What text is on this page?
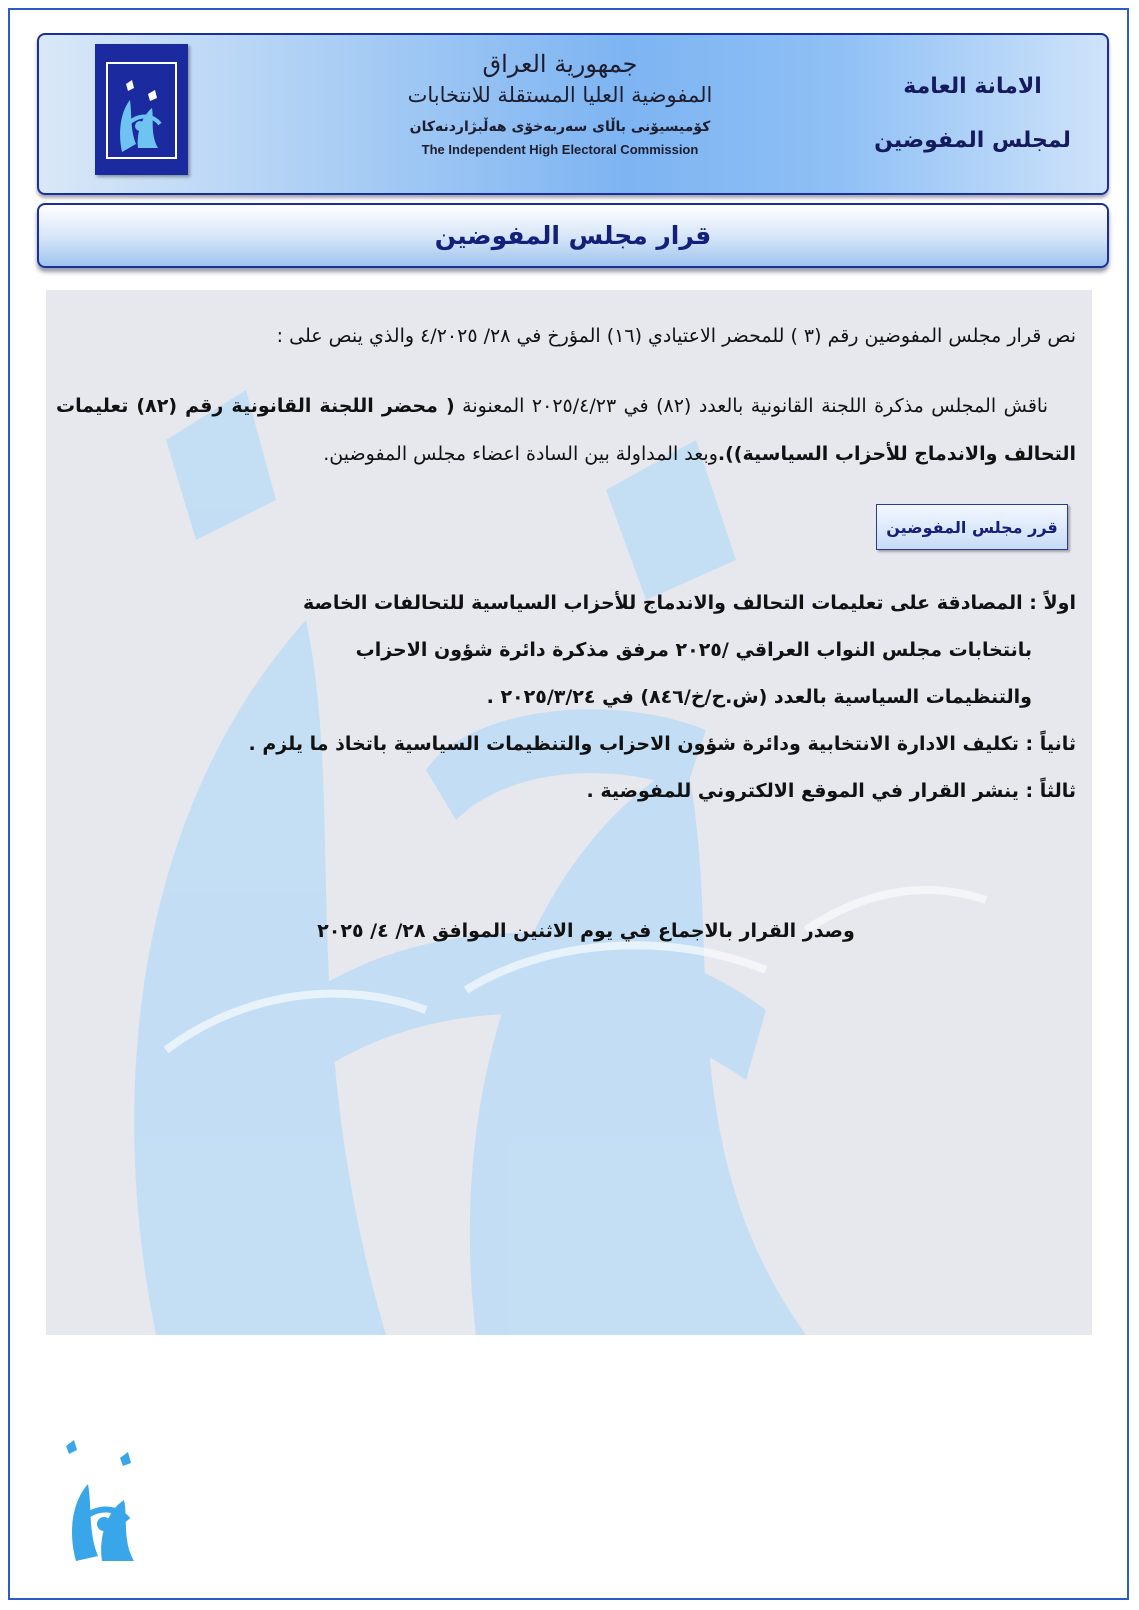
جمهورية العراق
المفوضية العليا المستقلة للانتخابات
كۆمیسیۆنی باڵای سەربەخۆی هەڵبژاردنەکان
The Independent High Electoral Commission
الامانة العامة
لمجلس المفوضين
قرار مجلس المفوضين

نص قرار مجلس المفوضين رقم (٣ ) للمحضر الاعتيادي (١٦) المؤرخ في ٢٨/ ٤/٢٠٢٥ والذي ينص على :

ناقش المجلس مذكرة اللجنة القانونية بالعدد (٨٢) في ٢٠٢٥/٤/٢٣ المعنونة ( محضر اللجنة القانونية رقم (٨٢) تعليمات التحالف والاندماج للأحزاب السياسية)).وبعد المداولة بين السادة اعضاء مجلس المفوضين.

قرر مجلس المفوضين
اولاً : المصادقة على تعليمات التحالف والاندماج للأحزاب السياسية للتحالفات الخاصة
بانتخابات مجلس النواب العراقي /٢٠٢٥ مرفق مذكرة دائرة شؤون الاحزاب
والتنظيمات السياسية بالعدد (ش.ح/خ/٨٤٦) في ٢٠٢٥/٣/٢٤ .
ثانياً : تكليف الادارة الانتخابية ودائرة شؤون الاحزاب والتنظيمات السياسية باتخاذ ما يلزم .
ثالثاً : ينشر القرار في الموقع الالكتروني للمفوضية .
وصدر القرار بالاجماع في يوم الاثنين الموافق ٢٨/ ٤/ ٢٠٢٥
